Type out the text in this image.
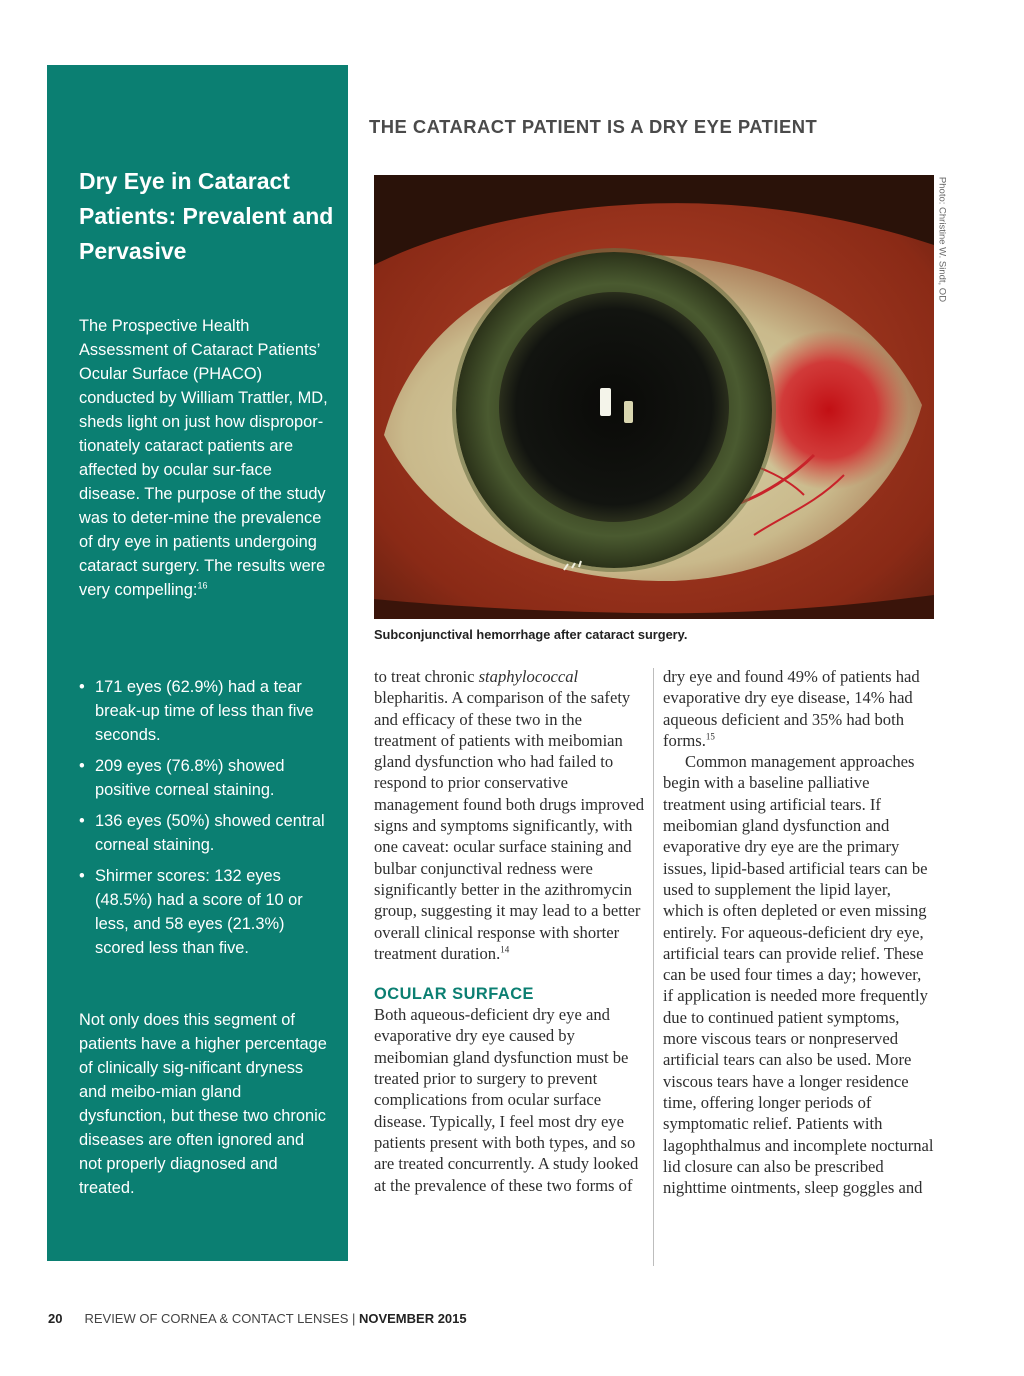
Dry Eye in Cataract Patients: Prevalent and Pervasive

The Prospective Health Assessment of Cataract Patients’ Ocular Surface (PHACO) conducted by William Trattler, MD, sheds light on just how dispropor-tionately cataract patients are affected by ocular sur-face disease. The purpose of the study was to deter-mine the prevalence of dry eye in patients undergoing cataract surgery. The results were very compelling:$^{16}$

• 171 eyes (62.9%) had a tear break-up time of less than five seconds.
• 209 eyes (76.8%) showed positive corneal staining.
• 136 eyes (50%) showed central corneal staining.
• Shirmer scores: 132 eyes (48.5%) had a score of 10 or less, and 58 eyes (21.3%) scored less than five.

Not only does this segment of patients have a higher percentage of clinically sig-nificant dryness and meibo-mian gland dysfunction, but these two chronic diseases are often ignored and not properly diagnosed and treated.

THE CATARACT PATIENT IS A DRY EYE PATIENT
Photo: Christine W. Sindt, OD

Subconjunctival hemorrhage after cataract surgery.

to treat chronic staphylococcal blepharitis. A comparison of the safety and efficacy of these two in the treatment of patients with meibomian gland dysfunction who had failed to respond to prior conservative management found both drugs improved signs and symptoms significantly, with one caveat: ocular surface staining and bulbar conjunctival redness were significantly better in the azithromycin group, suggesting it may lead to a better overall clinical response with shorter treatment duration.$^{14}$

OCULAR SURFACE

Both aqueous-deficient dry eye and evaporative dry eye caused by meibomian gland dysfunction must be treated prior to surgery to prevent complications from ocular surface disease. Typically, I feel most dry eye patients present with both types, and so are treated concurrently. A study looked at the prevalence of these two forms of

dry eye and found 49% of patients had evaporative dry eye disease, 14% had aqueous deficient and 35% had both forms.$^{15}$

Common management approaches begin with a baseline palliative treatment using artificial tears. If meibomian gland dysfunction and evaporative dry eye are the primary issues, lipid-based artificial tears can be used to supplement the lipid layer, which is often depleted or even missing entirely. For aqueous-deficient dry eye, artificial tears can provide relief. These can be used four times a day; however, if application is needed more frequently due to continued patient symptoms, more viscous tears or nonpreserved artificial tears can also be used. More viscous tears have a longer residence time, offering longer periods of symptomatic relief. Patients with lagophthalmus and incomplete nocturnal lid closure can also be prescribed nighttime ointments, sleep goggles and

20 REVIEW OF CORNEA & CONTACT LENSES | NOVEMBER 2015
